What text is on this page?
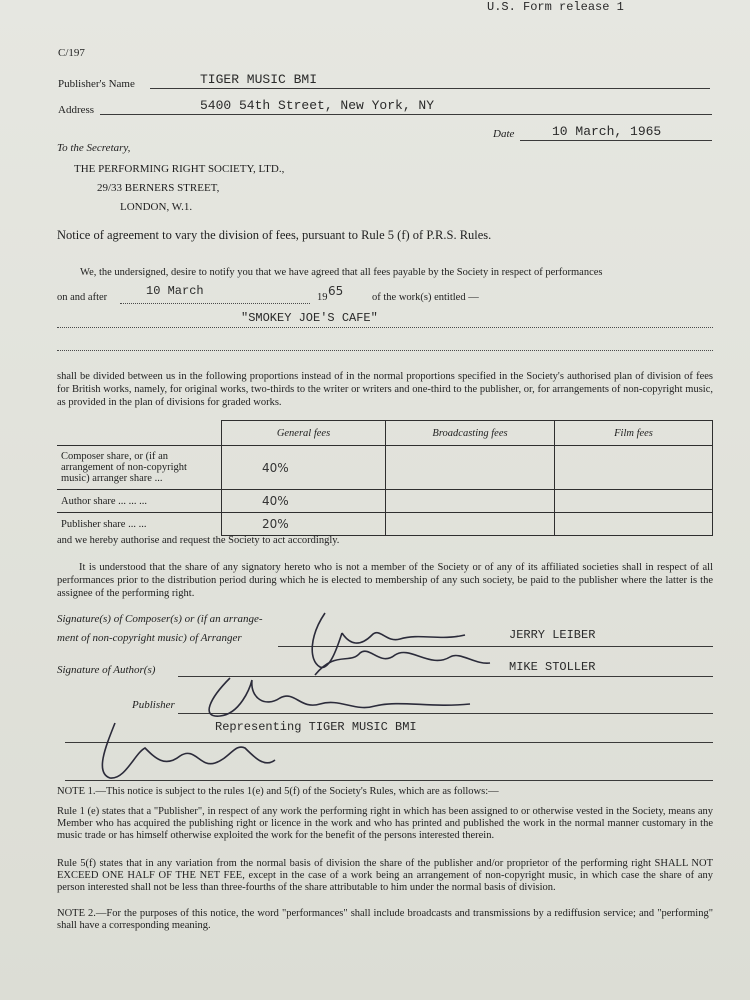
U.S. Form release 1
C/197
Publisher's Name	TIGER MUSIC BMI
Address	5400 54th Street, New York, NY
Date	10 March, 1965
To the Secretary,
THE PERFORMING RIGHT SOCIETY, LTD.,
29/33 BERNERS STREET,
LONDON, W.1.
Notice of agreement to vary the division of fees, pursuant to Rule 5 (f) of P.R.S. Rules.
We, the undersigned, desire to notify you that we have agreed that all fees payable by the Society in respect of performances
on and after	10 March	19 65	of the work(s) entitled —
"SMOKEY JOE'S CAFE"
shall be divided between us in the following proportions instead of in the normal proportions specified in the Society's authorised plan of division of fees for British works, namely, for original works, two-thirds to the writer or writers and one-third to the publisher, or, for arrangements of non-copyright music, as provided in the plan of divisions for graded works.
	General fees	Broadcasting fees	Film fees
Composer share, or (if an arrangement of non-copyright music) arranger share ...	40%		
Author share ... ... ...	40%		
Publisher share ... ...	20%		
and we hereby authorise and request the Society to act accordingly.
It is understood that the share of any signatory hereto who is not a member of the Society or of any of its affiliated societies shall in respect of all performances prior to the distribution period during which he is elected to membership of any such society, be paid to the publisher where the latter is the assignee of the performing right.
Signature(s) of Composer(s) or (if an arrange-
ment of non-copyright music) of Arranger	JERRY LEIBER
Signature of Author(s)	MIKE STOLLER
Publisher
Representing TIGER MUSIC BMI
NOTE 1.—This notice is subject to the rules 1(e) and 5(f) of the Society's Rules, which are as follows:—
Rule 1 (e) states that a "Publisher", in respect of any work the performing right in which has been assigned to or otherwise vested in the Society, means any Member who has acquired the publishing right or licence in the work and who has printed and published the work in the normal manner customary in the music trade or has himself otherwise exploited the work for the benefit of the persons interested therein.
Rule 5(f) states that in any variation from the normal basis of division the share of the publisher and/or proprietor of the performing right SHALL NOT EXCEED ONE HALF OF THE NET FEE, except in the case of a work being an arrangement of non-copyright music, in which case the share of any person interested shall not be less than three-fourths of the share attributable to him under the normal basis of division.
NOTE 2.—For the purposes of this notice, the word "performances" shall include broadcasts and transmissions by a rediffusion service; and "performing" shall have a corresponding meaning.
